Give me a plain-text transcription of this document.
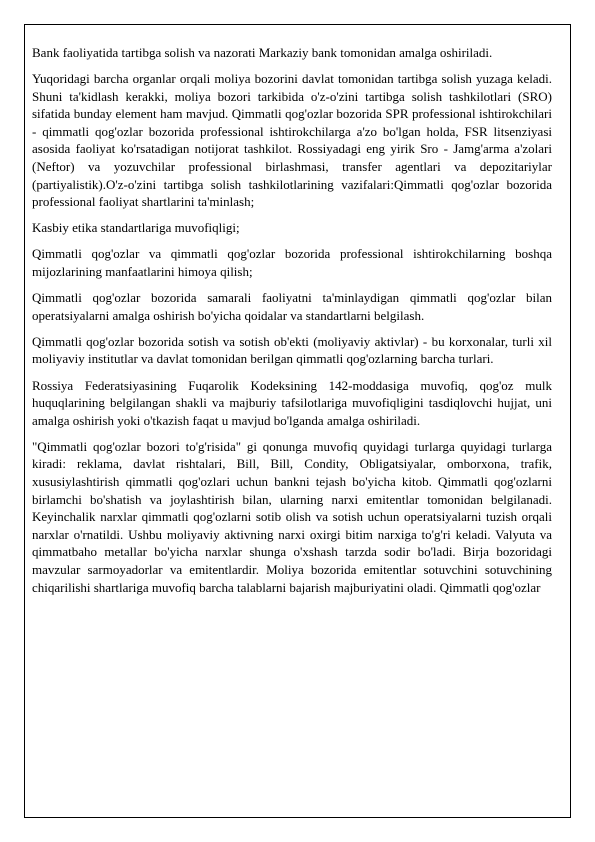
Bank faoliyatida tartibga solish va nazorati Markaziy bank tomonidan amalga oshiriladi.

Yuqoridagi barcha organlar orqali moliya bozorini davlat tomonidan tartibga solish yuzaga keladi. Shuni ta'kidlash kerakki, moliya bozori tarkibida o'z-o'zini tartibga solish tashkilotlari (SRO) sifatida bunday element ham mavjud. Qimmatli qog'ozlar bozorida SPR professional ishtirokchilari - qimmatli qog'ozlar bozorida professional ishtirokchilarga a'zo bo'lgan holda, FSR litsenziyasi asosida faoliyat ko'rsatadigan notijorat tashkilot. Rossiyadagi eng yirik Sro - Jamg'arma a'zolari (Neftor) va yozuvchilar professional birlashmasi, transfer agentlari va depozitariylar (partiyalistik).O'z-o'zini tartibga solish tashkilotlarining vazifalari:Qimmatli qog'ozlar bozorida professional faoliyat shartlarini ta'minlash;

Kasbiy etika standartlariga muvofiqligi;

Qimmatli qog'ozlar va qimmatli qog'ozlar bozorida professional ishtirokchilarning boshqa mijozlarining manfaatlarini himoya qilish;

Qimmatli qog'ozlar bozorida samarali faoliyatni ta'minlaydigan qimmatli qog'ozlar bilan operatsiyalarni amalga oshirish bo'yicha qoidalar va standartlarni belgilash.

Qimmatli qog'ozlar bozorida sotish va sotish ob'ekti (moliyaviy aktivlar) - bu korxonalar, turli xil moliyaviy institutlar va davlat tomonidan berilgan qimmatli qog'ozlarning barcha turlari.

Rossiya Federatsiyasining Fuqarolik Kodeksining 142-moddasiga muvofiq, qog'oz mulk huquqlarining belgilangan shakli va majburiy tafsilotlariga muvofiqligini tasdiqlovchi hujjat, uni amalga oshirish yoki o'tkazish faqat u mavjud bo'lganda amalga oshiriladi.

"Qimmatli qog'ozlar bozori to'g'risida" gi qonunga muvofiq quyidagi turlarga quyidagi turlarga kiradi: reklama, davlat rishtalari, Bill, Bill, Condity, Obligatsiyalar, omborxona, trafik, xususiylashtirish qimmatli qog'ozlari uchun bankni tejash bo'yicha kitob. Qimmatli qog'ozlarni birlamchi bo'shatish va joylashtirish bilan, ularning narxi emitentlar tomonidan belgilanadi. Keyinchalik narxlar qimmatli qog'ozlarni sotib olish va sotish uchun operatsiyalarni tuzish orqali narxlar o'rnatildi. Ushbu moliyaviy aktivning narxi oxirgi bitim narxiga to'g'ri keladi. Valyuta va qimmatbaho metallar bo'yicha narxlar shunga o'xshash tarzda sodir bo'ladi. Birja bozoridagi mavzular sarmoyadorlar va emitentlardir. Moliya bozorida emitentlar sotuvchini sotuvchining chiqarilishi shartlariga muvofiq barcha talablarni bajarish majburiyatini oladi. Qimmatli qog'ozlar
